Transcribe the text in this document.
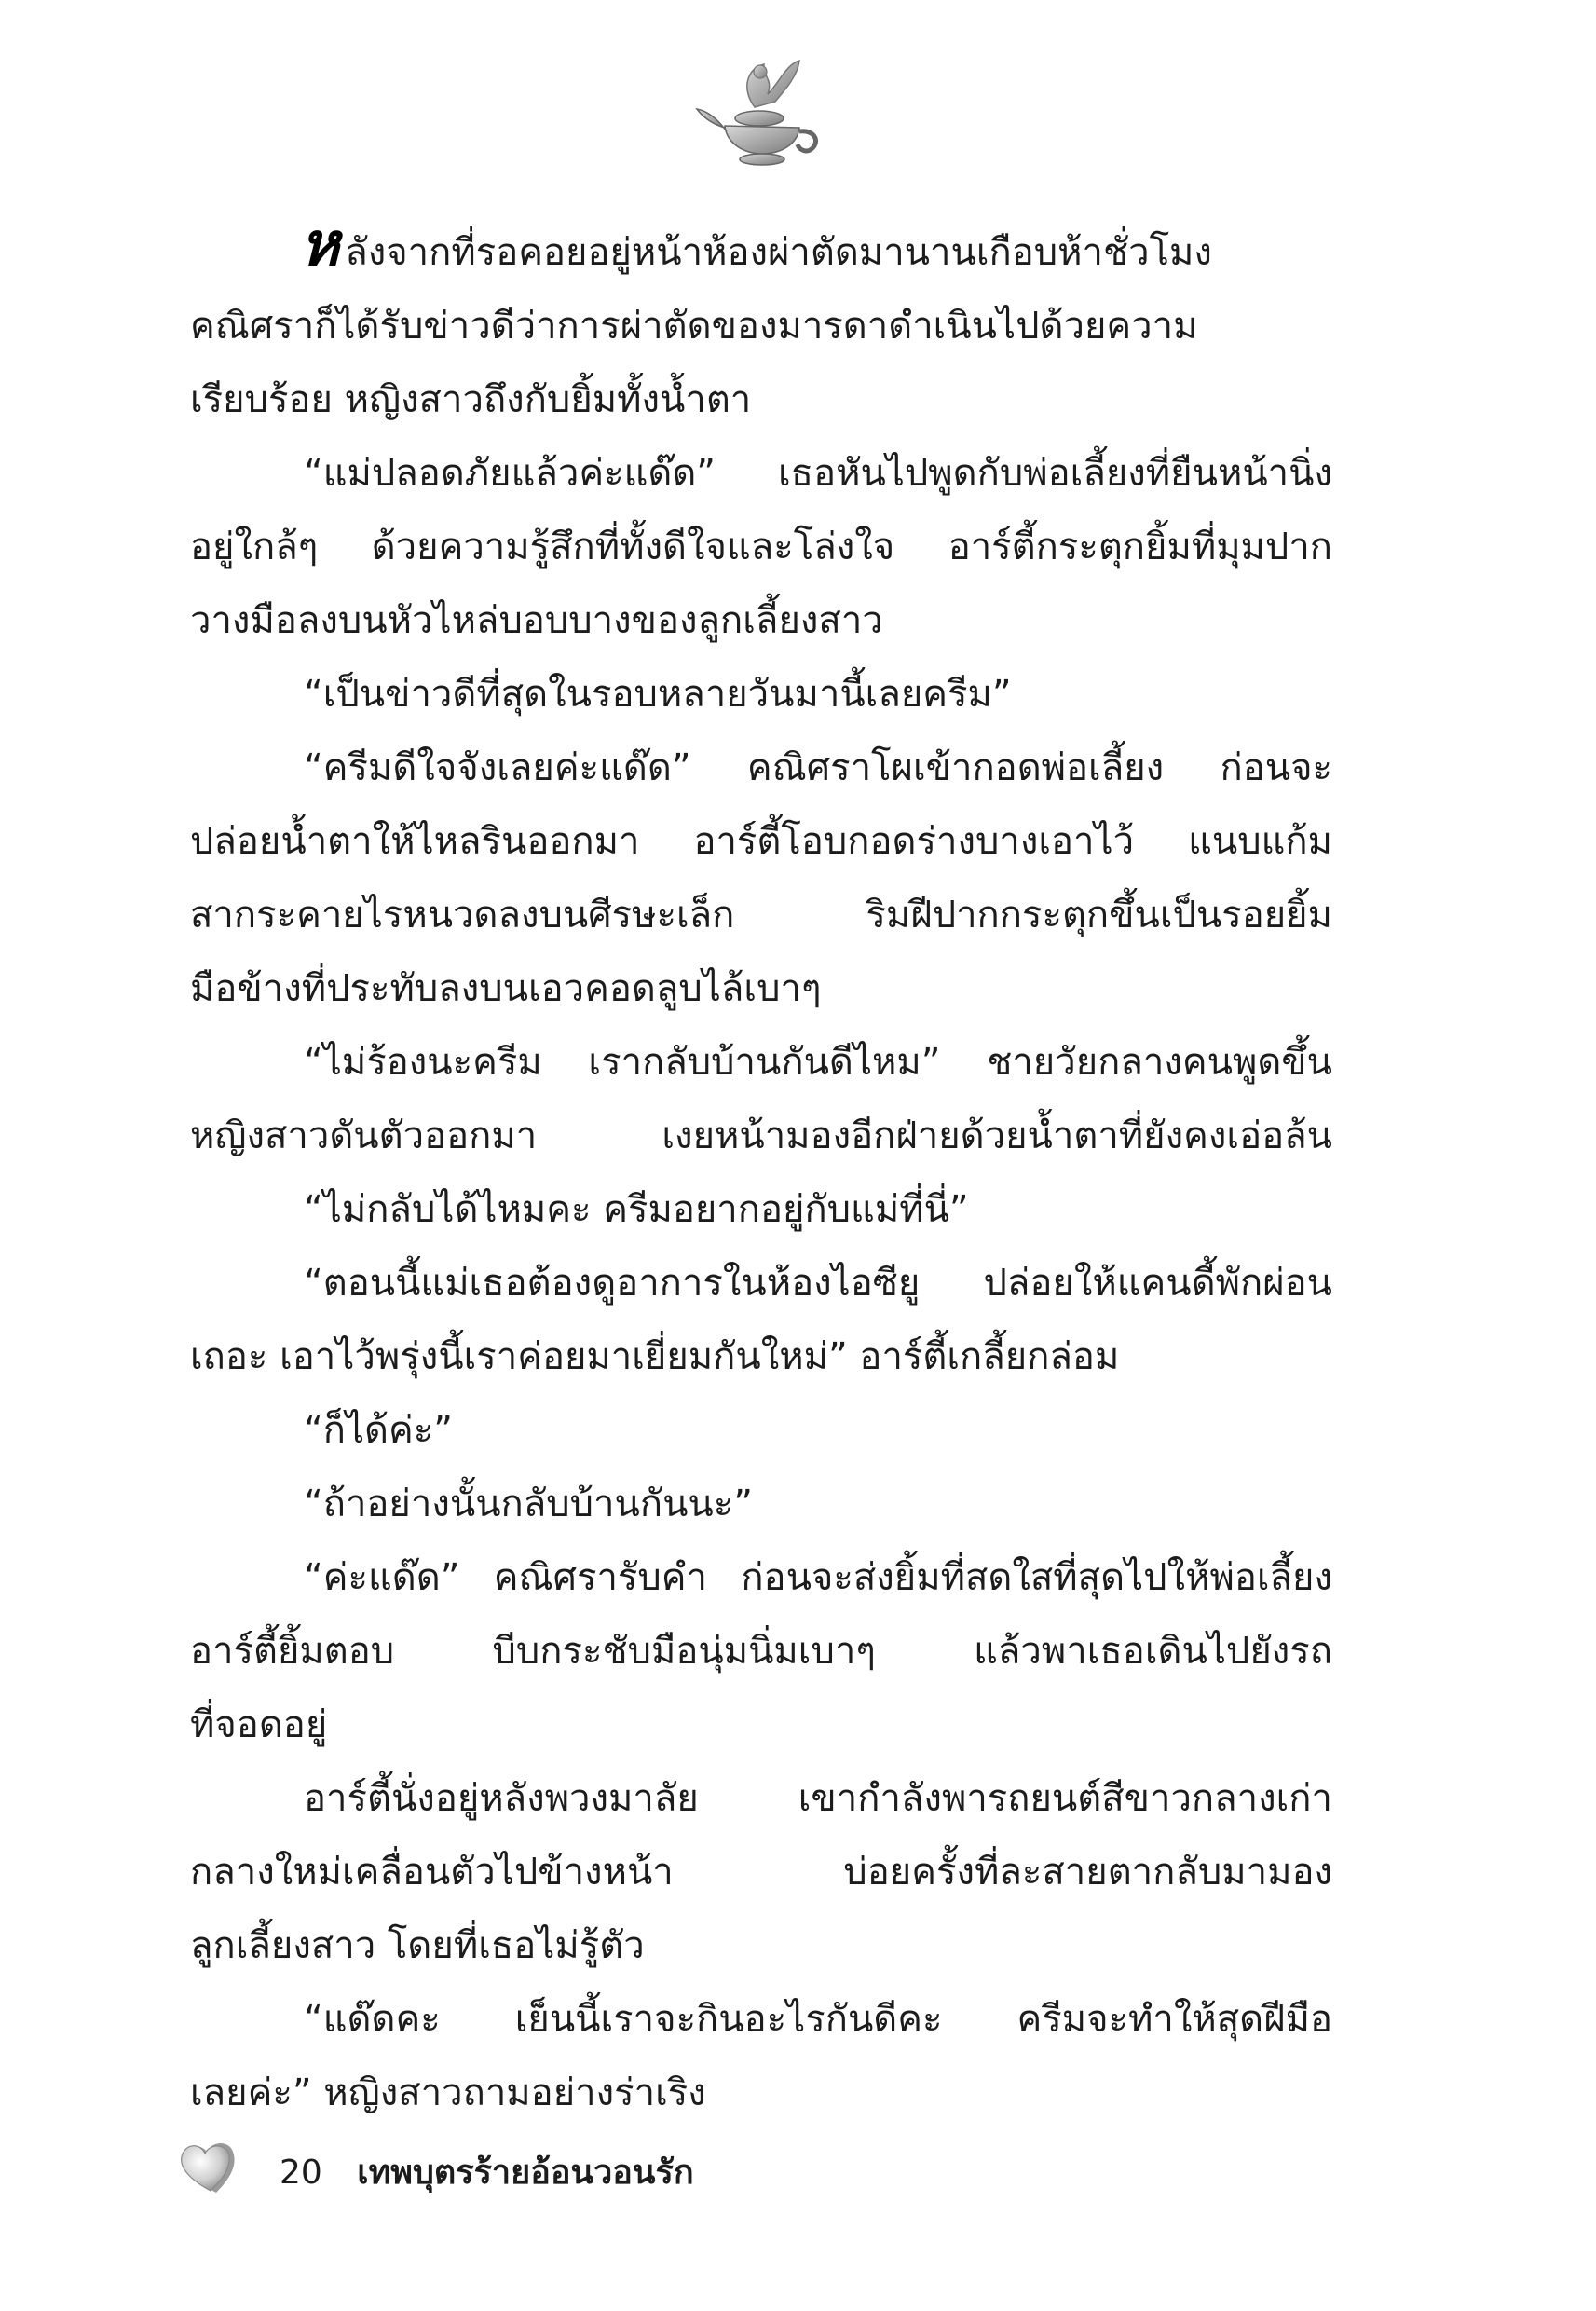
หลังจากที่รอคอยอยู่หน้าห้องผ่าตัดมานานเกือบห้าชั่วโมง
คณิศราก็ได้รับข่าวดีว่าการผ่าตัดของมารดาดำเนินไปด้วยความ
เรียบร้อย หญิงสาวถึงกับยิ้มทั้งน้ำตา
“แม่ปลอดภัยแล้วค่ะแด๊ด” เธอหันไปพูดกับพ่อเลี้ยงที่ยืนหน้านิ่ง
อยู่ใกล้ๆ ด้วยความรู้สึกที่ทั้งดีใจและโล่งใจ อาร์ตี้กระตุกยิ้มที่มุมปาก
วางมือลงบนหัวไหล่บอบบางของลูกเลี้ยงสาว
“เป็นข่าวดีที่สุดในรอบหลายวันมานี้เลยครีม”
“ครีมดีใจจังเลยค่ะแด๊ด” คณิศราโผเข้ากอดพ่อเลี้ยง ก่อนจะ
ปล่อยน้ำตาให้ไหลรินออกมา อาร์ตี้โอบกอดร่างบางเอาไว้ แนบแก้ม
สากระคายไรหนวดลงบนศีรษะเล็ก ริมฝีปากกระตุกขึ้นเป็นรอยยิ้ม
มือข้างที่ประทับลงบนเอวคอดลูบไล้เบาๆ
“ไม่ร้องนะครีม เรากลับบ้านกันดีไหม” ชายวัยกลางคนพูดขึ้น
หญิงสาวดันตัวออกมา เงยหน้ามองอีกฝ่ายด้วยน้ำตาที่ยังคงเอ่อล้น
“ไม่กลับได้ไหมคะ ครีมอยากอยู่กับแม่ที่นี่”
“ตอนนี้แม่เธอต้องดูอาการในห้องไอซียู ปล่อยให้แคนดี้พักผ่อน
เถอะ เอาไว้พรุ่งนี้เราค่อยมาเยี่ยมกันใหม่” อาร์ตี้เกลี้ยกล่อม
“ก็ได้ค่ะ”
“ถ้าอย่างนั้นกลับบ้านกันนะ”
“ค่ะแด๊ด” คณิศรารับคำ ก่อนจะส่งยิ้มที่สดใสที่สุดไปให้พ่อเลี้ยง
อาร์ตี้ยิ้มตอบ บีบกระชับมือนุ่มนิ่มเบาๆ แล้วพาเธอเดินไปยังรถ
ที่จอดอยู่
อาร์ตี้นั่งอยู่หลังพวงมาลัย เขากำลังพารถยนต์สีขาวกลางเก่า
กลางใหม่เคลื่อนตัวไปข้างหน้า บ่อยครั้งที่ละสายตากลับมามอง
ลูกเลี้ยงสาว โดยที่เธอไม่รู้ตัว
“แด๊ดคะ เย็นนี้เราจะกินอะไรกันดีคะ ครีมจะทำให้สุดฝีมือ
เลยค่ะ” หญิงสาวถามอย่างร่าเริง
20 เทพบุตรร้ายอ้อนวอนรัก
